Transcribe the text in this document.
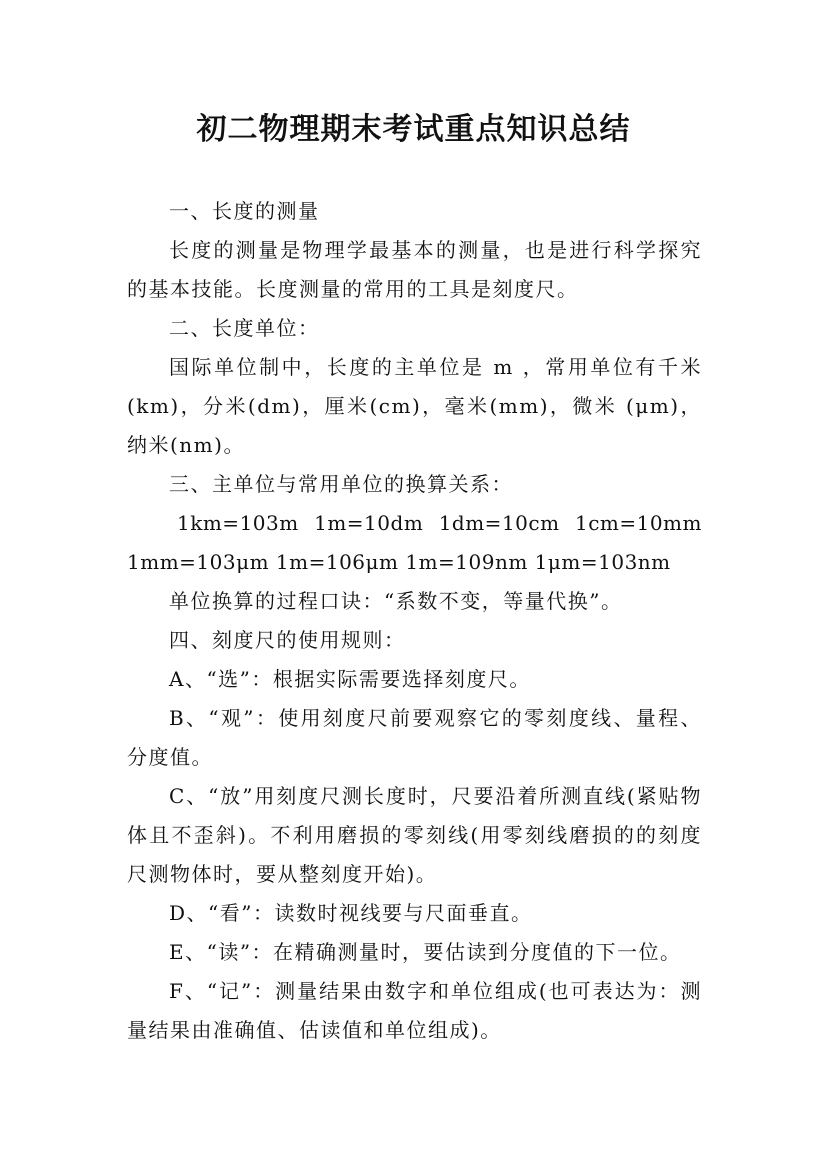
初二物理期末考试重点知识总结

一、长度的测量

长度的测量是物理学最基本的测量，也是进行科学探究的基本技能。长度测量的常用的工具是刻度尺。

二、长度单位：

国际单位制中，长度的主单位是 m ，常用单位有千米(km)，分米(dm)，厘米(cm)，毫米(mm)，微米 (μm)，纳米(nm)。

三、主单位与常用单位的换算关系：

1km=103m 1m=10dm 1dm=10cm 1cm=10mm 1mm=103μm 1m=106μm 1m=109nm 1μm=103nm

单位换算的过程口诀：“系数不变，等量代换”。

四、刻度尺的使用规则：

A、“选”：根据实际需要选择刻度尺。

B、“观”：使用刻度尺前要观察它的零刻度线、量程、分度值。

C、“放”用刻度尺测长度时，尺要沿着所测直线(紧贴物体且不歪斜)。不利用磨损的零刻线(用零刻线磨损的的刻度尺测物体时，要从整刻度开始)。

D、“看”：读数时视线要与尺面垂直。

E、“读”：在精确测量时，要估读到分度值的下一位。

F、“记”：测量结果由数字和单位组成(也可表达为：测量结果由准确值、估读值和单位组成)。
